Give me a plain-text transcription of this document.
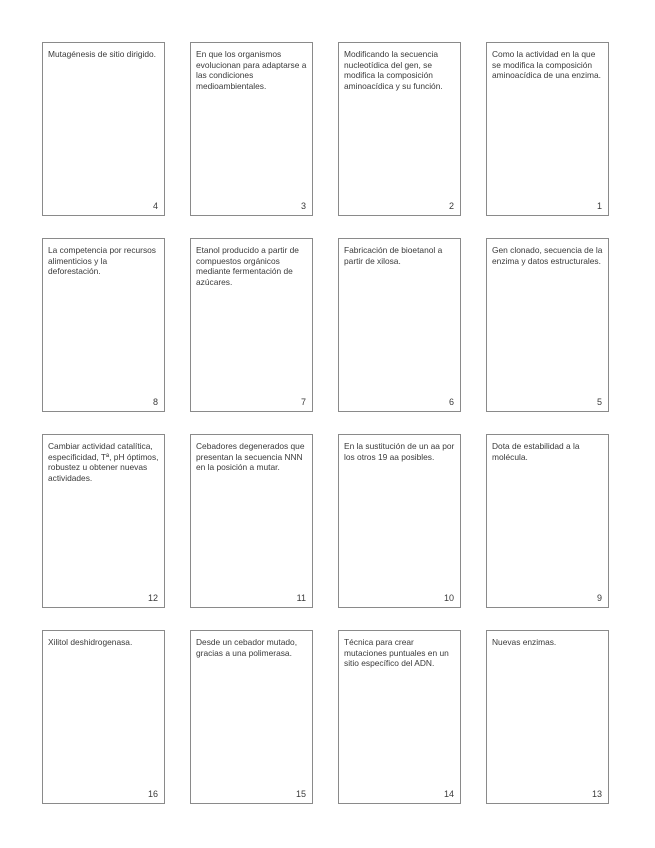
Mutagénesis de sitio dirigido.
4
En que los organismos evolucionan para adaptarse a las condiciones medioambientales.
3
Modificando la secuencia nucleotídica del gen, se modifica la composición aminoacídica y su función.
2
Como la actividad en la que se modifica la composición aminoacídica de una enzima.
1
La competencia por recursos alimenticios y la deforestación.
8
Etanol producido a partir de compuestos orgánicos mediante fermentación de azúcares.
7
Fabricación de bioetanol a partir de xilosa.
6
Gen clonado, secuencia de la enzima y datos estructurales.
5
Cambiar actividad catalítica, especificidad, Tª, pH óptimos, robustez u obtener nuevas actividades.
12
Cebadores degenerados que presentan la secuencia NNN en la posición a mutar.
11
En la sustitución de un aa por los otros 19 aa posibles.
10
Dota de estabilidad a la molécula.
9
Xilitol deshidrogenasa.
16
Desde un cebador mutado, gracias a una polimerasa.
15
Técnica para crear mutaciones puntuales en un sitio específico del ADN.
14
Nuevas enzimas.
13
